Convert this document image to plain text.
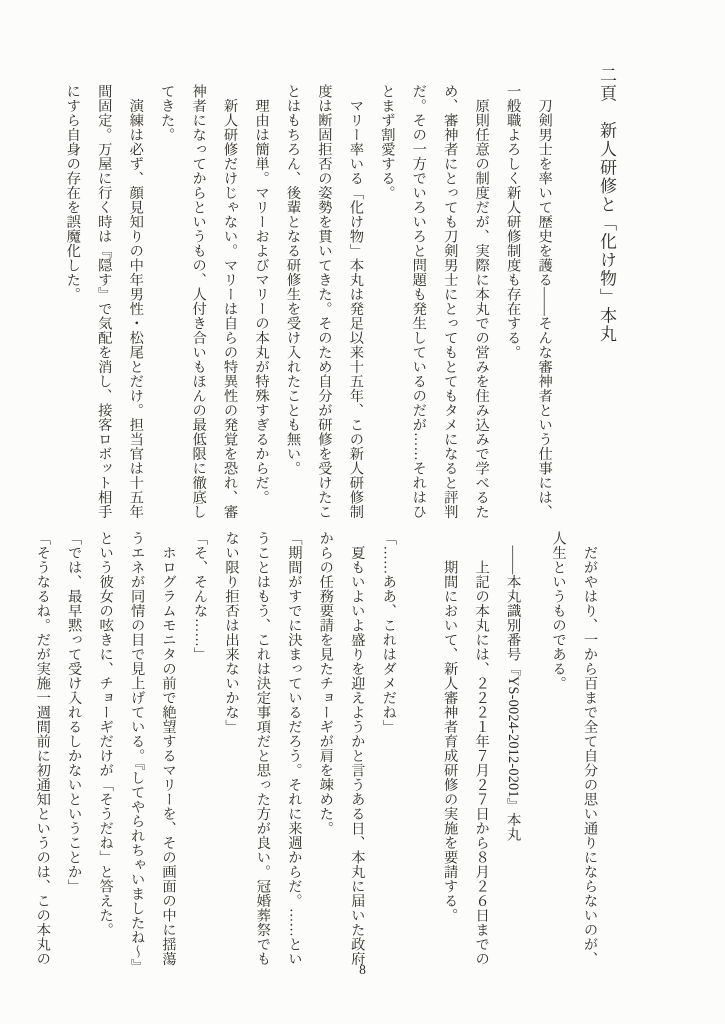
二頁　新人研修と「化け物」本丸

　刀剣男士を率いて歴史を護る――そんな審神者という仕事には、一般職よろしく新人研修制度も存在する。

　原則任意の制度だが、実際に本丸での営みを住み込みで学べるため、審神者にとっても刀剣男士にとってもとてもタメになると評判だ。その一方でいろいろと問題も発生しているのだが……それはひとまず割愛する。

　マリー率いる「化け物」本丸は発足以来十五年、この新人研修制度は断固拒否の姿勢を貫いてきた。そのため自分が研修を受けたことはもちろん、後輩となる研修生を受け入れたことも無い。

　理由は簡単。マリーおよびマリーの本丸が特殊すぎるからだ。

　新人研修だけじゃない。マリーは自らの特異性の発覚を恐れ、審神者になってからというもの、人付き合いもほんの最低限に徹底してきた。

　演練は必ず、顔見知りの中年男性・松尾とだけ。担当官は十五年間固定。万屋に行く時は『隠す』で気配を消し、接客ロボット相手にすら自身の存在を誤魔化した。

　だがやはり、一から百まで全て自分の思い通りにならないのが、人生というものである。

　――本丸識別番号『YS-0024-2012-0201』本丸

上記の本丸には、２２２１年７月２７日から８月２６日までの期間において、新人審神者育成研修の実施を要請する。

「……ああ、これはダメだね」

　夏もいよいよ盛りを迎えようかと言うある日、本丸に届いた政府からの任務要請を見たチョーギが肩を竦めた。

「期間がすでに決まっているだろう。それに来週からだ。……ということはもう、これは決定事項だと思った方が良い。冠婚葬祭でもない限り拒否は出来ないかな」

「そ、そんな……」

　ホログラムモニタの前で絶望するマリーを、その画面の中に揺蕩うエネが同情の目で見上げている。『してやられちゃいましたね～』という彼女の呟きに、チョーギだけが「そうだね」と答えた。

「では、最早黙って受け入れるしかないということか」

「そうなるね。だが実施一週間前に初通知というのは、この本丸の

8
